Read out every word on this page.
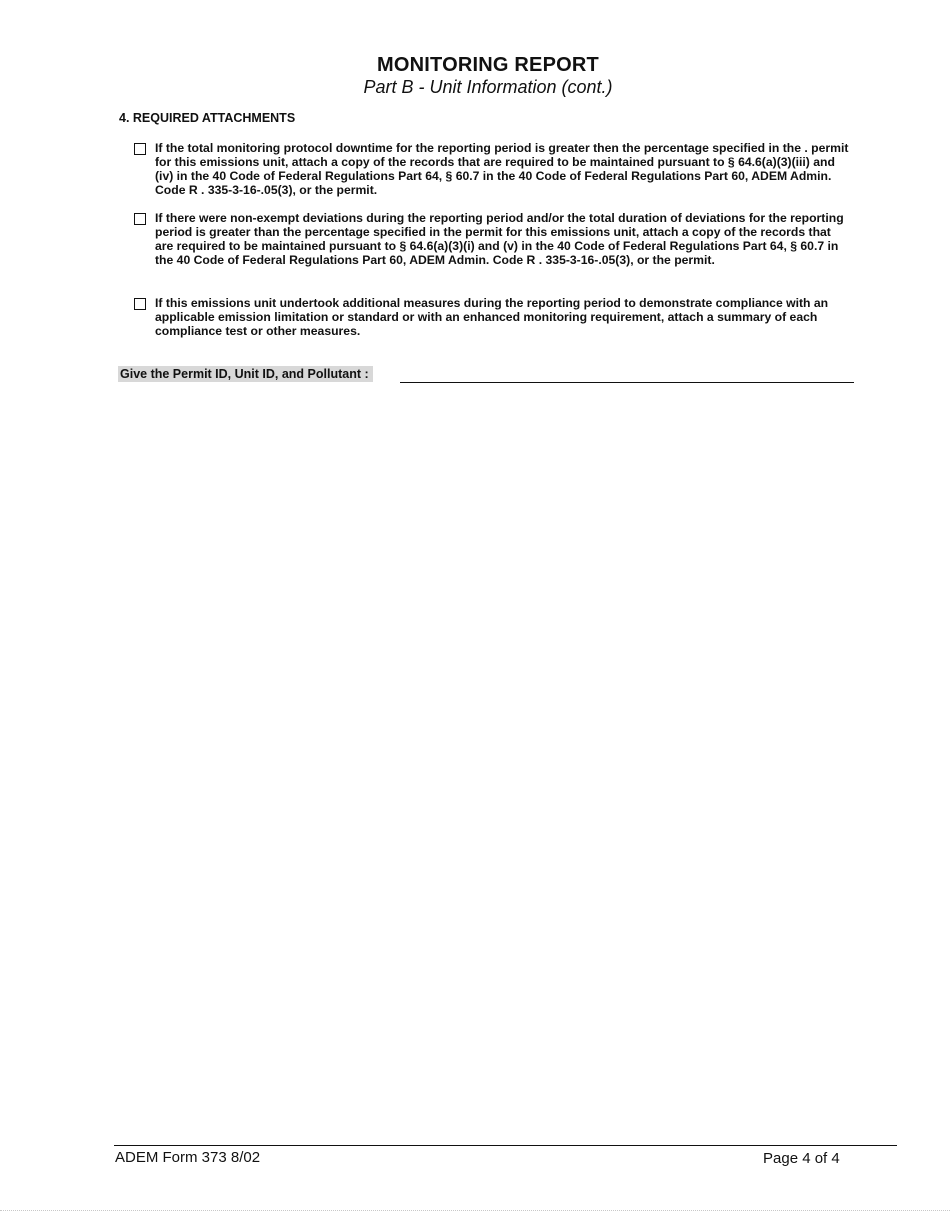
MONITORING REPORT
Part B - Unit Information (cont.)
4. REQUIRED ATTACHMENTS
If the total monitoring protocol downtime for the reporting period is greater then the percentage specified in the . permit for this emissions unit, attach a copy of the records that are required to be maintained pursuant to § 64.6(a)(3)(iii) and (iv) in the 40 Code of Federal Regulations Part 64, § 60.7 in the 40 Code of Federal Regulations Part 60, ADEM Admin. Code R . 335-3-16-.05(3), or the permit.
If there were non-exempt deviations during the reporting period and/or the total duration of deviations for the reporting period is greater than the percentage specified in the permit for this emissions unit, attach a copy of the records that are required to be maintained pursuant to § 64.6(a)(3)(i) and (v) in the 40 Code of Federal Regulations Part 64, § 60.7 in the 40 Code of Federal Regulations Part 60, ADEM Admin. Code R . 335-3-16-.05(3), or the permit.
If this emissions unit undertook additional measures during the reporting period to demonstrate compliance with an applicable emission limitation or standard or with an enhanced monitoring requirement, attach a summary of each compliance test or other measures.
Give the Permit ID, Unit ID, and Pollutant :
ADEM Form 373 8/02	Page 4 of 4
